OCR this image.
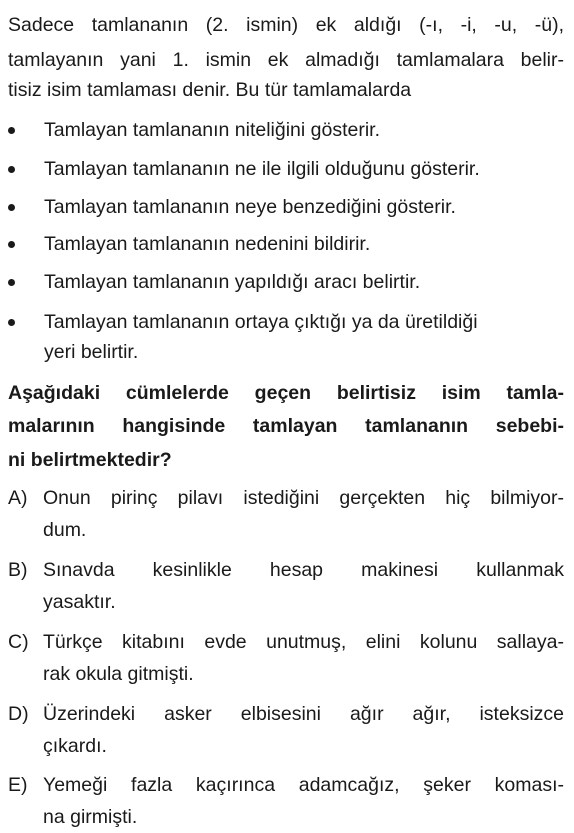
Sadece tamlananın (2. ismin) ek aldığı (-ı, -i, -u, -ü),
tamlayanın yani 1. ismin ek almadığı tamlamalara belir-
tisiz isim tamlaması denir. Bu tür tamlamalarda
Tamlayan tamlananın niteliğini gösterir.
Tamlayan tamlananın ne ile ilgili olduğunu gösterir.
Tamlayan tamlananın neye benzediğini gösterir.
Tamlayan tamlananın nedenini bildirir.
Tamlayan tamlananın yapıldığı aracı belirtir.
Tamlayan tamlananın ortaya çıktığı ya da üretildiği
yeri belirtir.
Aşağıdaki cümlelerde geçen belirtisiz isim tamla-
malarının hangisinde tamlayan tamlananın sebebi-
ni belirtmektedir?
A) Onun pirinç pilavı istediğini gerçekten hiç bilmiyor-
dum.
B) Sınavda kesinlikle hesap makinesi kullanmak
yasaktır.
C) Türkçe kitabını evde unutmuş, elini kolunu sallaya-
rak okula gitmişti.
D) Üzerindeki asker elbisesini ağır ağır, isteksizce
çıkardı.
E) Yemeği fazla kaçırınca adamcağız, şeker koması-
na girmişti.
